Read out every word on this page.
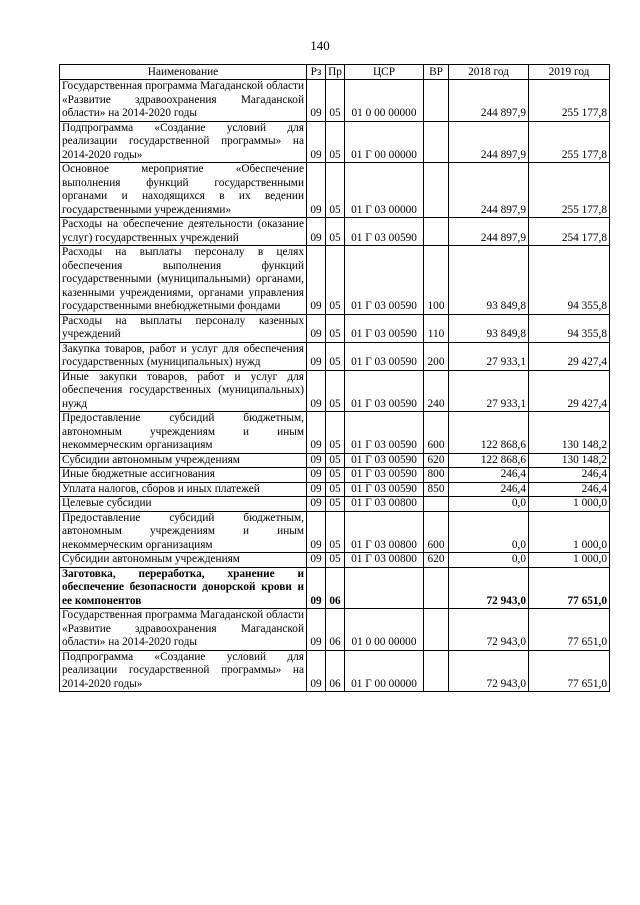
140
Наименование	Рз	Пр	ЦСР	ВР	2018 год	2019 год
Государственная программа Магаданской области «Развитие здравоохранения Магаданской области» на 2014-2020 годы	09	05	01 0 00 00000		244 897,9	255 177,8
Подпрограмма «Создание условий для реализации государственной программы» на 2014-2020 годы»	09	05	01 Г 00 00000		244 897,9	255 177,8
Основное мероприятие «Обеспечение выполнения функций государственными органами и находящихся в их ведении государственными учреждениями»	09	05	01 Г 03 00000		244 897,9	255 177,8
Расходы на обеспечение деятельности (оказание услуг) государственных учреждений	09	05	01 Г 03 00590		244 897,9	254 177,8
Расходы на выплаты персоналу в целях обеспечения выполнения функций государственными (муниципальными) органами, казенными учреждениями, органами управления государственными внебюджетными фондами	09	05	01 Г 03 00590	100	93 849,8	94 355,8
Расходы на выплаты персоналу казенных учреждений	09	05	01 Г 03 00590	110	93 849,8	94 355,8
Закупка товаров, работ и услуг для обеспечения государственных (муниципальных) нужд	09	05	01 Г 03 00590	200	27 933,1	29 427,4
Иные закупки товаров, работ и услуг для обеспечения государственных (муниципальных) нужд	09	05	01 Г 03 00590	240	27 933,1	29 427,4
Предоставление субсидий бюджетным, автономным учреждениям и иным некоммерческим организациям	09	05	01 Г 03 00590	600	122 868,6	130 148,2
Субсидии автономным учреждениям	09	05	01 Г 03 00590	620	122 868,6	130 148,2
Иные бюджетные ассигнования	09	05	01 Г 03 00590	800	246,4	246,4
Уплата налогов, сборов и иных платежей	09	05	01 Г 03 00590	850	246,4	246,4
Целевые субсидии	09	05	01 Г 03 00800		0,0	1 000,0
Предоставление субсидий бюджетным, автономным учреждениям и иным некоммерческим организациям	09	05	01 Г 03 00800	600	0,0	1 000,0
Субсидии автономным учреждениям	09	05	01 Г 03 00800	620	0,0	1 000,0
Заготовка, переработка, хранение и обеспечение безопасности донорской крови и ее компонентов	09	06			72 943,0	77 651,0
Государственная программа Магаданской области «Развитие здравоохранения Магаданской области» на 2014-2020 годы	09	06	01 0 00 00000		72 943,0	77 651,0
Подпрограмма «Создание условий для реализации государственной программы» на 2014-2020 годы»	09	06	01 Г 00 00000		72 943,0	77 651,0
